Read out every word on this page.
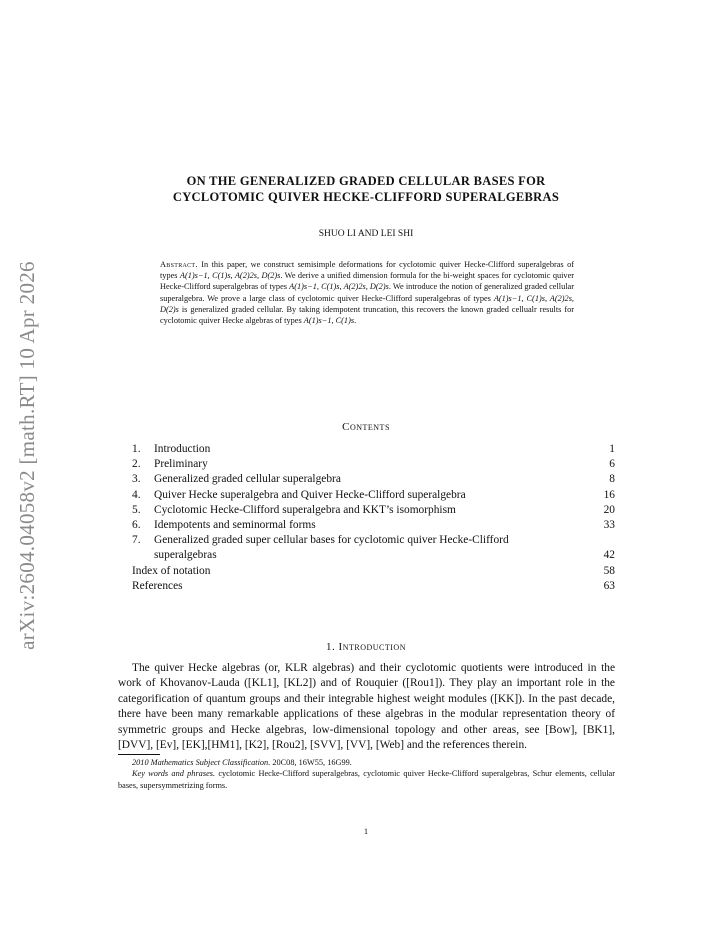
arXiv:2604.04058v2 [math.RT] 10 Apr 2026
ON THE GENERALIZED GRADED CELLULAR BASES FOR
CYCLOTOMIC QUIVER HECKE-CLIFFORD SUPERALGEBRAS
SHUO LI AND LEI SHI
Abstract. In this paper, we construct semisimple deformations for cyclotomic quiver Hecke-Clifford superalgebras of types A(1)s−1, C(1)s, A(2)2s, D(2)s. We derive a unified dimension formula for the bi-weight spaces for cyclotomic quiver Hecke-Clifford superalgebras of types A(1)s−1, C(1)s, A(2)2s, D(2)s. We introduce the notion of generalized graded cellular superalgebra. We prove a large class of cyclotomic quiver Hecke-Clifford superalgebras of types A(1)s−1, C(1)s, A(2)2s, D(2)s is generalized graded cellular. By taking idempotent truncation, this recovers the known graded cellualr results for cyclotomic quiver Hecke algebras of types A(1)s−1, C(1)s.
Contents
1. Introduction	1
2. Preliminary	6
3. Generalized graded cellular superalgebra	8
4. Quiver Hecke superalgebra and Quiver Hecke-Clifford superalgebra	16
5. Cyclotomic Hecke-Clifford superalgebra and KKT’s isomorphism	20
6. Idempotents and seminormal forms	33
7. Generalized graded super cellular bases for cyclotomic quiver Hecke-Clifford
superalgebras	42
Index of notation	58
References	63
1. Introduction
The quiver Hecke algebras (or, KLR algebras) and their cyclotomic quotients were introduced in the work of Khovanov-Lauda ([KL1], [KL2]) and of Rouquier ([Rou1]). They play an important role in the categorification of quantum groups and their integrable highest weight modules ([KK]). In the past decade, there have been many remarkable applications of these algebras in the modular representation theory of symmetric groups and Hecke algebras, low-dimensional topology and other areas, see [Bow], [BK1], [DVV], [Ev], [EK],[HM1], [K2], [Rou2], [SVV], [VV], [Web] and the references therein.

2010 Mathematics Subject Classification. 20C08, 16W55, 16G99.

Key words and phrases. cyclotomic Hecke-Clifford superalgebras, cyclotomic quiver Hecke-Clifford superalgebras, Schur elements, cellular bases, supersymmetrizing forms.

1
